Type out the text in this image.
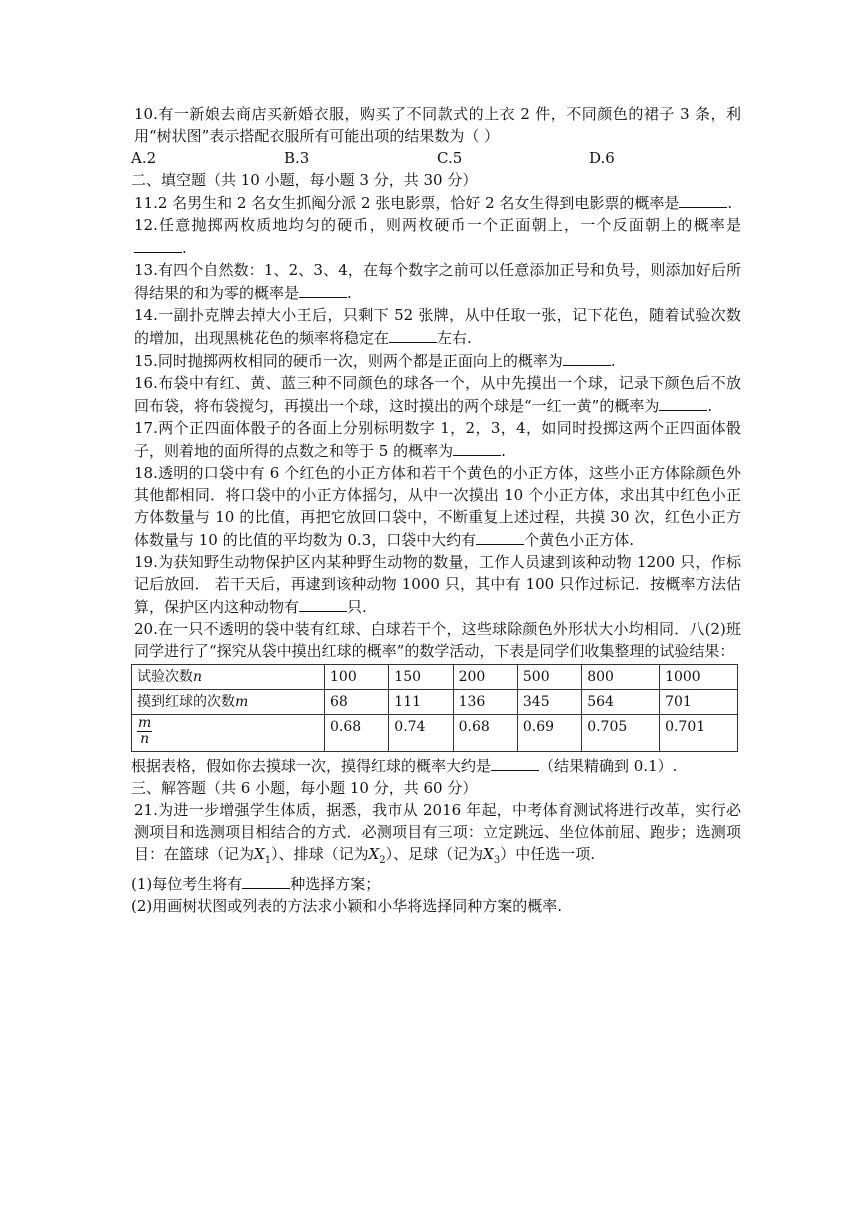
10.有一新娘去商店买新婚衣服，购买了不同款式的上衣 2 件，不同颜色的裙子 3 条，利用“树状图”表示搭配衣服所有可能出项的结果数为（ ）

A.2	B.3	C.5	D.6

二、填空题（共 10 小题，每小题 3 分，共 30 分）

11.2 名男生和 2 名女生抓阄分派 2 张电影票，恰好 2 名女生得到电影票的概率是	.

12.任意抛掷两枚质地均匀的硬币，则两枚硬币一个正面朝上，一个反面朝上的概率是.

13.有四个自然数：1、2、3、4，在每个数字之前可以任意添加正号和负号，则添加好后所得结果的和为零的概率是	.

14.一副扑克牌去掉大小王后，只剩下 52 张牌，从中任取一张，记下花色，随着试验次数的增加，出现黑桃花色的频率将稳定在	左右.

15.同时抛掷两枚相同的硬币一次，则两个都是正面向上的概率为	.

16.布袋中有红、黄、蓝三种不同颜色的球各一个，从中先摸出一个球，记录下颜色后不放回布袋，将布袋搅匀，再摸出一个球，这时摸出的两个球是“一红一黄”的概率为	.

17.两个正四面体骰子的各面上分别标明数字 1，2，3，4，如同时投掷这两个正四面体骰子，则着地的面所得的点数之和等于 5 的概率为	.

18.透明的口袋中有 6 个红色的小正方体和若干个黄色的小正方体，这些小正方体除颜色外其他都相同．将口袋中的小正方体摇匀，从中一次摸出 10 个小正方体，求出其中红色小正方体数量与 10 的比值，再把它放回口袋中，不断重复上述过程，共摸 30 次，红色小正方体数量与 10 的比值的平均数为 0.3，口袋中大约有	个黄色小正方体.

19.为获知野生动物保护区内某种野生动物的数量，工作人员逮到该种动物 1200 只，作标记后放回． 若干天后，再逮到该种动物 1000 只，其中有 100 只作过标记．按概率方法估算，保护区内这种动物有	只.

20.在一只不透明的袋中装有红球、白球若干个，这些球除颜色外形状大小均相同．八(2)班同学进行了“探究从袋中摸出红球的概率”的数学活动，下表是同学们收集整理的试验结果：

试验次数n	100	150	200	500	800	1000
摸到红球的次数m	68	111	136	345	564	701

$\frac{m}{n}$	0.68	0.74	0.68	0.69	0.705	0.701

根据表格，假如你去摸球一次，摸得红球的概率大约是	（结果精确到 0.1）.

三、解答题（共 6 小题，每小题 10 分，共 60 分）

21.为进一步增强学生体质，据悉，我市从 2016 年起，中考体育测试将进行改革，实行必测项目和选测项目相结合的方式．必测项目有三项：立定跳远、坐位体前屈、跑步；选测项目：在篮球（记为$X_1$）、排球（记为$X_2$）、足球（记为$X_3$）中任选一项.

(1)每位考生将有	种选择方案；

(2)用画树状图或列表的方法求小颖和小华将选择同种方案的概率.
